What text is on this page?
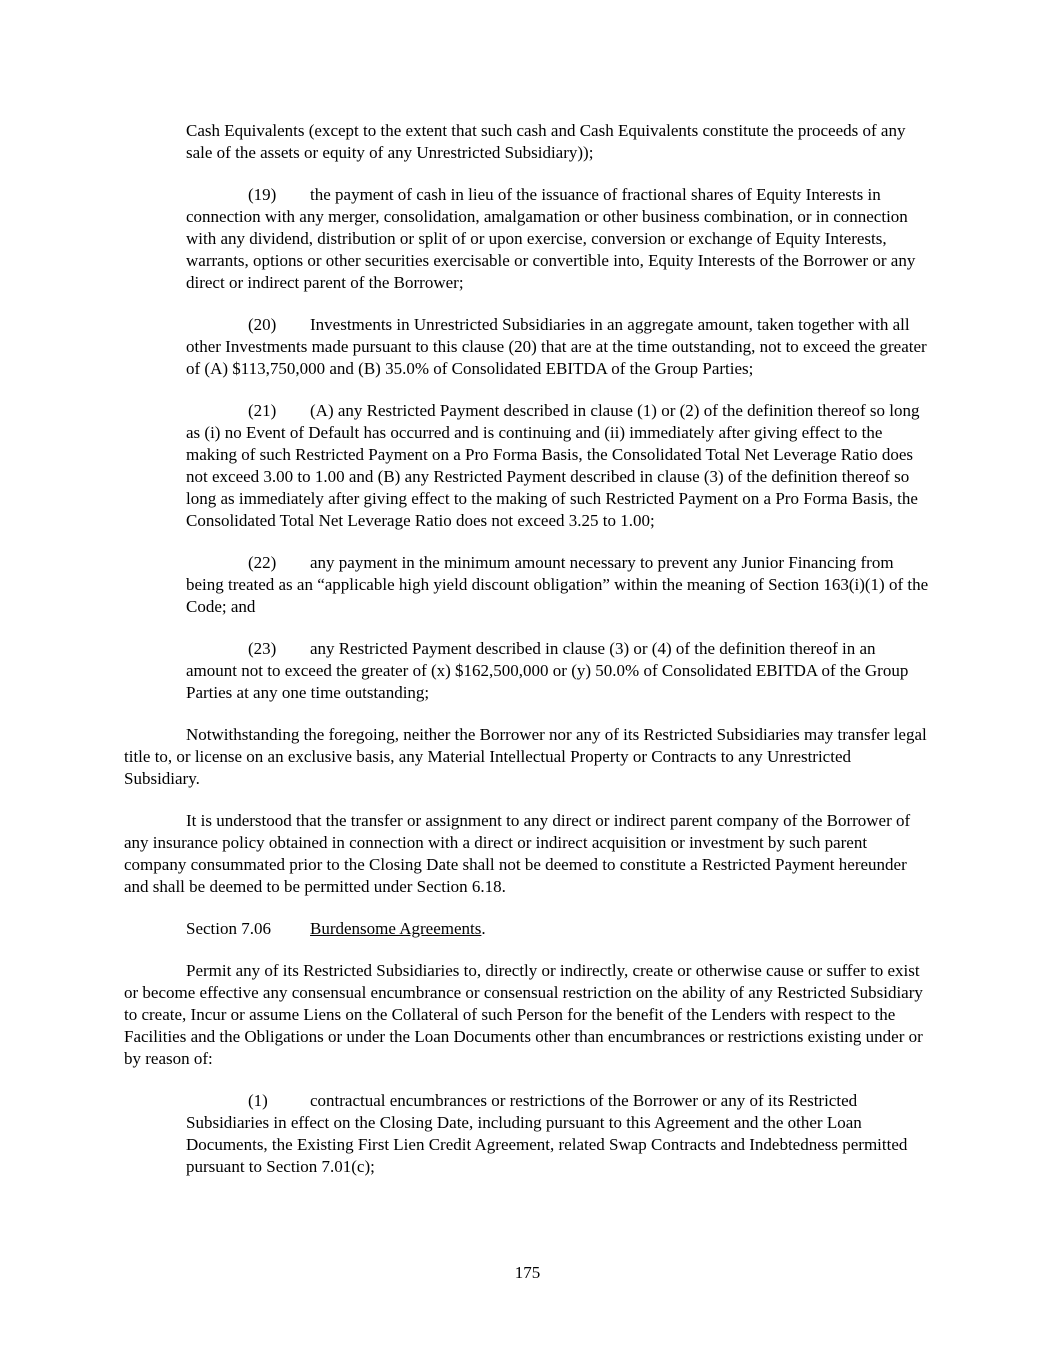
Cash Equivalents (except to the extent that such cash and Cash Equivalents constitute the proceeds of any sale of the assets or equity of any Unrestricted Subsidiary));

(19) the payment of cash in lieu of the issuance of fractional shares of Equity Interests in connection with any merger, consolidation, amalgamation or other business combination, or in connection with any dividend, distribution or split of or upon exercise, conversion or exchange of Equity Interests, warrants, options or other securities exercisable or convertible into, Equity Interests of the Borrower or any direct or indirect parent of the Borrower;

(20) Investments in Unrestricted Subsidiaries in an aggregate amount, taken together with all other Investments made pursuant to this clause (20) that are at the time outstanding, not to exceed the greater of (A) $113,750,000 and (B) 35.0% of Consolidated EBITDA of the Group Parties;

(21) (A) any Restricted Payment described in clause (1) or (2) of the definition thereof so long as (i) no Event of Default has occurred and is continuing and (ii) immediately after giving effect to the making of such Restricted Payment on a Pro Forma Basis, the Consolidated Total Net Leverage Ratio does not exceed 3.00 to 1.00 and (B) any Restricted Payment described in clause (3) of the definition thereof so long as immediately after giving effect to the making of such Restricted Payment on a Pro Forma Basis, the Consolidated Total Net Leverage Ratio does not exceed 3.25 to 1.00;

(22) any payment in the minimum amount necessary to prevent any Junior Financing from being treated as an “applicable high yield discount obligation” within the meaning of Section 163(i)(1) of the Code; and

(23) any Restricted Payment described in clause (3) or (4) of the definition thereof in an amount not to exceed the greater of (x) $162,500,000 or (y) 50.0% of Consolidated EBITDA of the Group Parties at any one time outstanding;

Notwithstanding the foregoing, neither the Borrower nor any of its Restricted Subsidiaries may transfer legal title to, or license on an exclusive basis, any Material Intellectual Property or Contracts to any Unrestricted Subsidiary.

It is understood that the transfer or assignment to any direct or indirect parent company of the Borrower of any insurance policy obtained in connection with a direct or indirect acquisition or investment by such parent company consummated prior to the Closing Date shall not be deemed to constitute a Restricted Payment hereunder and shall be deemed to be permitted under Section 6.18.

Section 7.06 Burdensome Agreements.

Permit any of its Restricted Subsidiaries to, directly or indirectly, create or otherwise cause or suffer to exist or become effective any consensual encumbrance or consensual restriction on the ability of any Restricted Subsidiary to create, Incur or assume Liens on the Collateral of such Person for the benefit of the Lenders with respect to the Facilities and the Obligations or under the Loan Documents other than encumbrances or restrictions existing under or by reason of:

(1) contractual encumbrances or restrictions of the Borrower or any of its Restricted Subsidiaries in effect on the Closing Date, including pursuant to this Agreement and the other Loan Documents, the Existing First Lien Credit Agreement, related Swap Contracts and Indebtedness permitted pursuant to Section 7.01(c);

175
